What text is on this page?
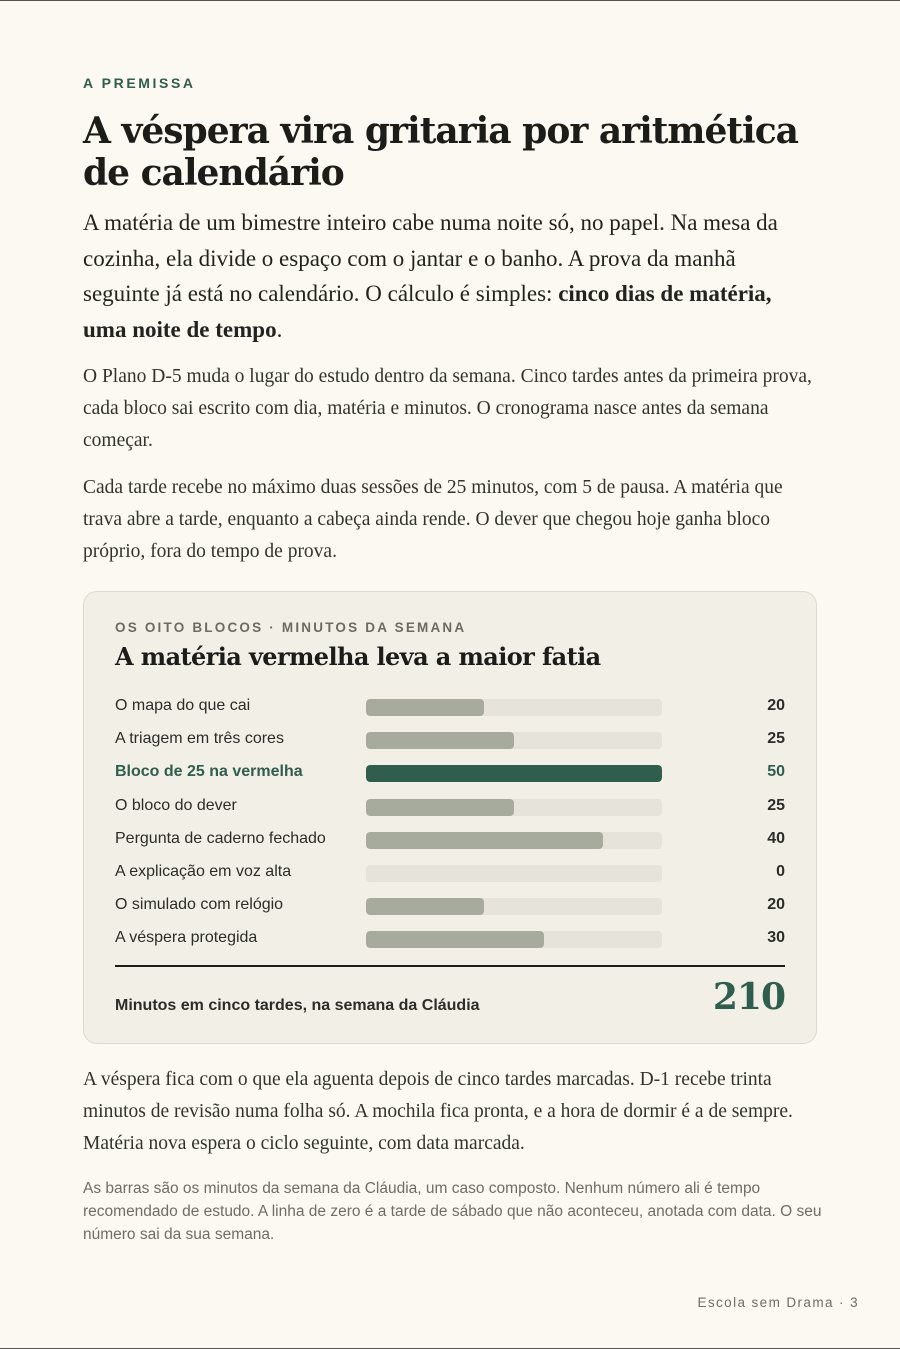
A PREMISSA
A véspera vira gritaria por aritmética de calendário

A matéria de um bimestre inteiro cabe numa noite só, no papel. Na mesa da cozinha, ela divide o espaço com o jantar e o banho. A prova da manhã seguinte já está no calendário. O cálculo é simples: cinco dias de matéria, uma noite de tempo.

O Plano D-5 muda o lugar do estudo dentro da semana. Cinco tardes antes da primeira prova, cada bloco sai escrito com dia, matéria e minutos. O cronograma nasce antes da semana começar.

Cada tarde recebe no máximo duas sessões de 25 minutos, com 5 de pausa. A matéria que trava abre a tarde, enquanto a cabeça ainda rende. O dever que chegou hoje ganha bloco próprio, fora do tempo de prova.

OS OITO BLOCOS · MINUTOS DA SEMANA
A matéria vermelha leva a maior fatia
O mapa do que cai	20
A triagem em três cores	25
Bloco de 25 na vermelha	50
O bloco do dever	25
Pergunta de caderno fechado	40
A explicação em voz alta	0
O simulado com relógio	20
A véspera protegida	30
Minutos em cinco tardes, na semana da Cláudia	210

A véspera fica com o que ela aguenta depois de cinco tardes marcadas. D-1 recebe trinta minutos de revisão numa folha só. A mochila fica pronta, e a hora de dormir é a de sempre. Matéria nova espera o ciclo seguinte, com data marcada.

As barras são os minutos da semana da Cláudia, um caso composto. Nenhum número ali é tempo recomendado de estudo. A linha de zero é a tarde de sábado que não aconteceu, anotada com data. O seu número sai da sua semana.

Escola sem Drama · 3
